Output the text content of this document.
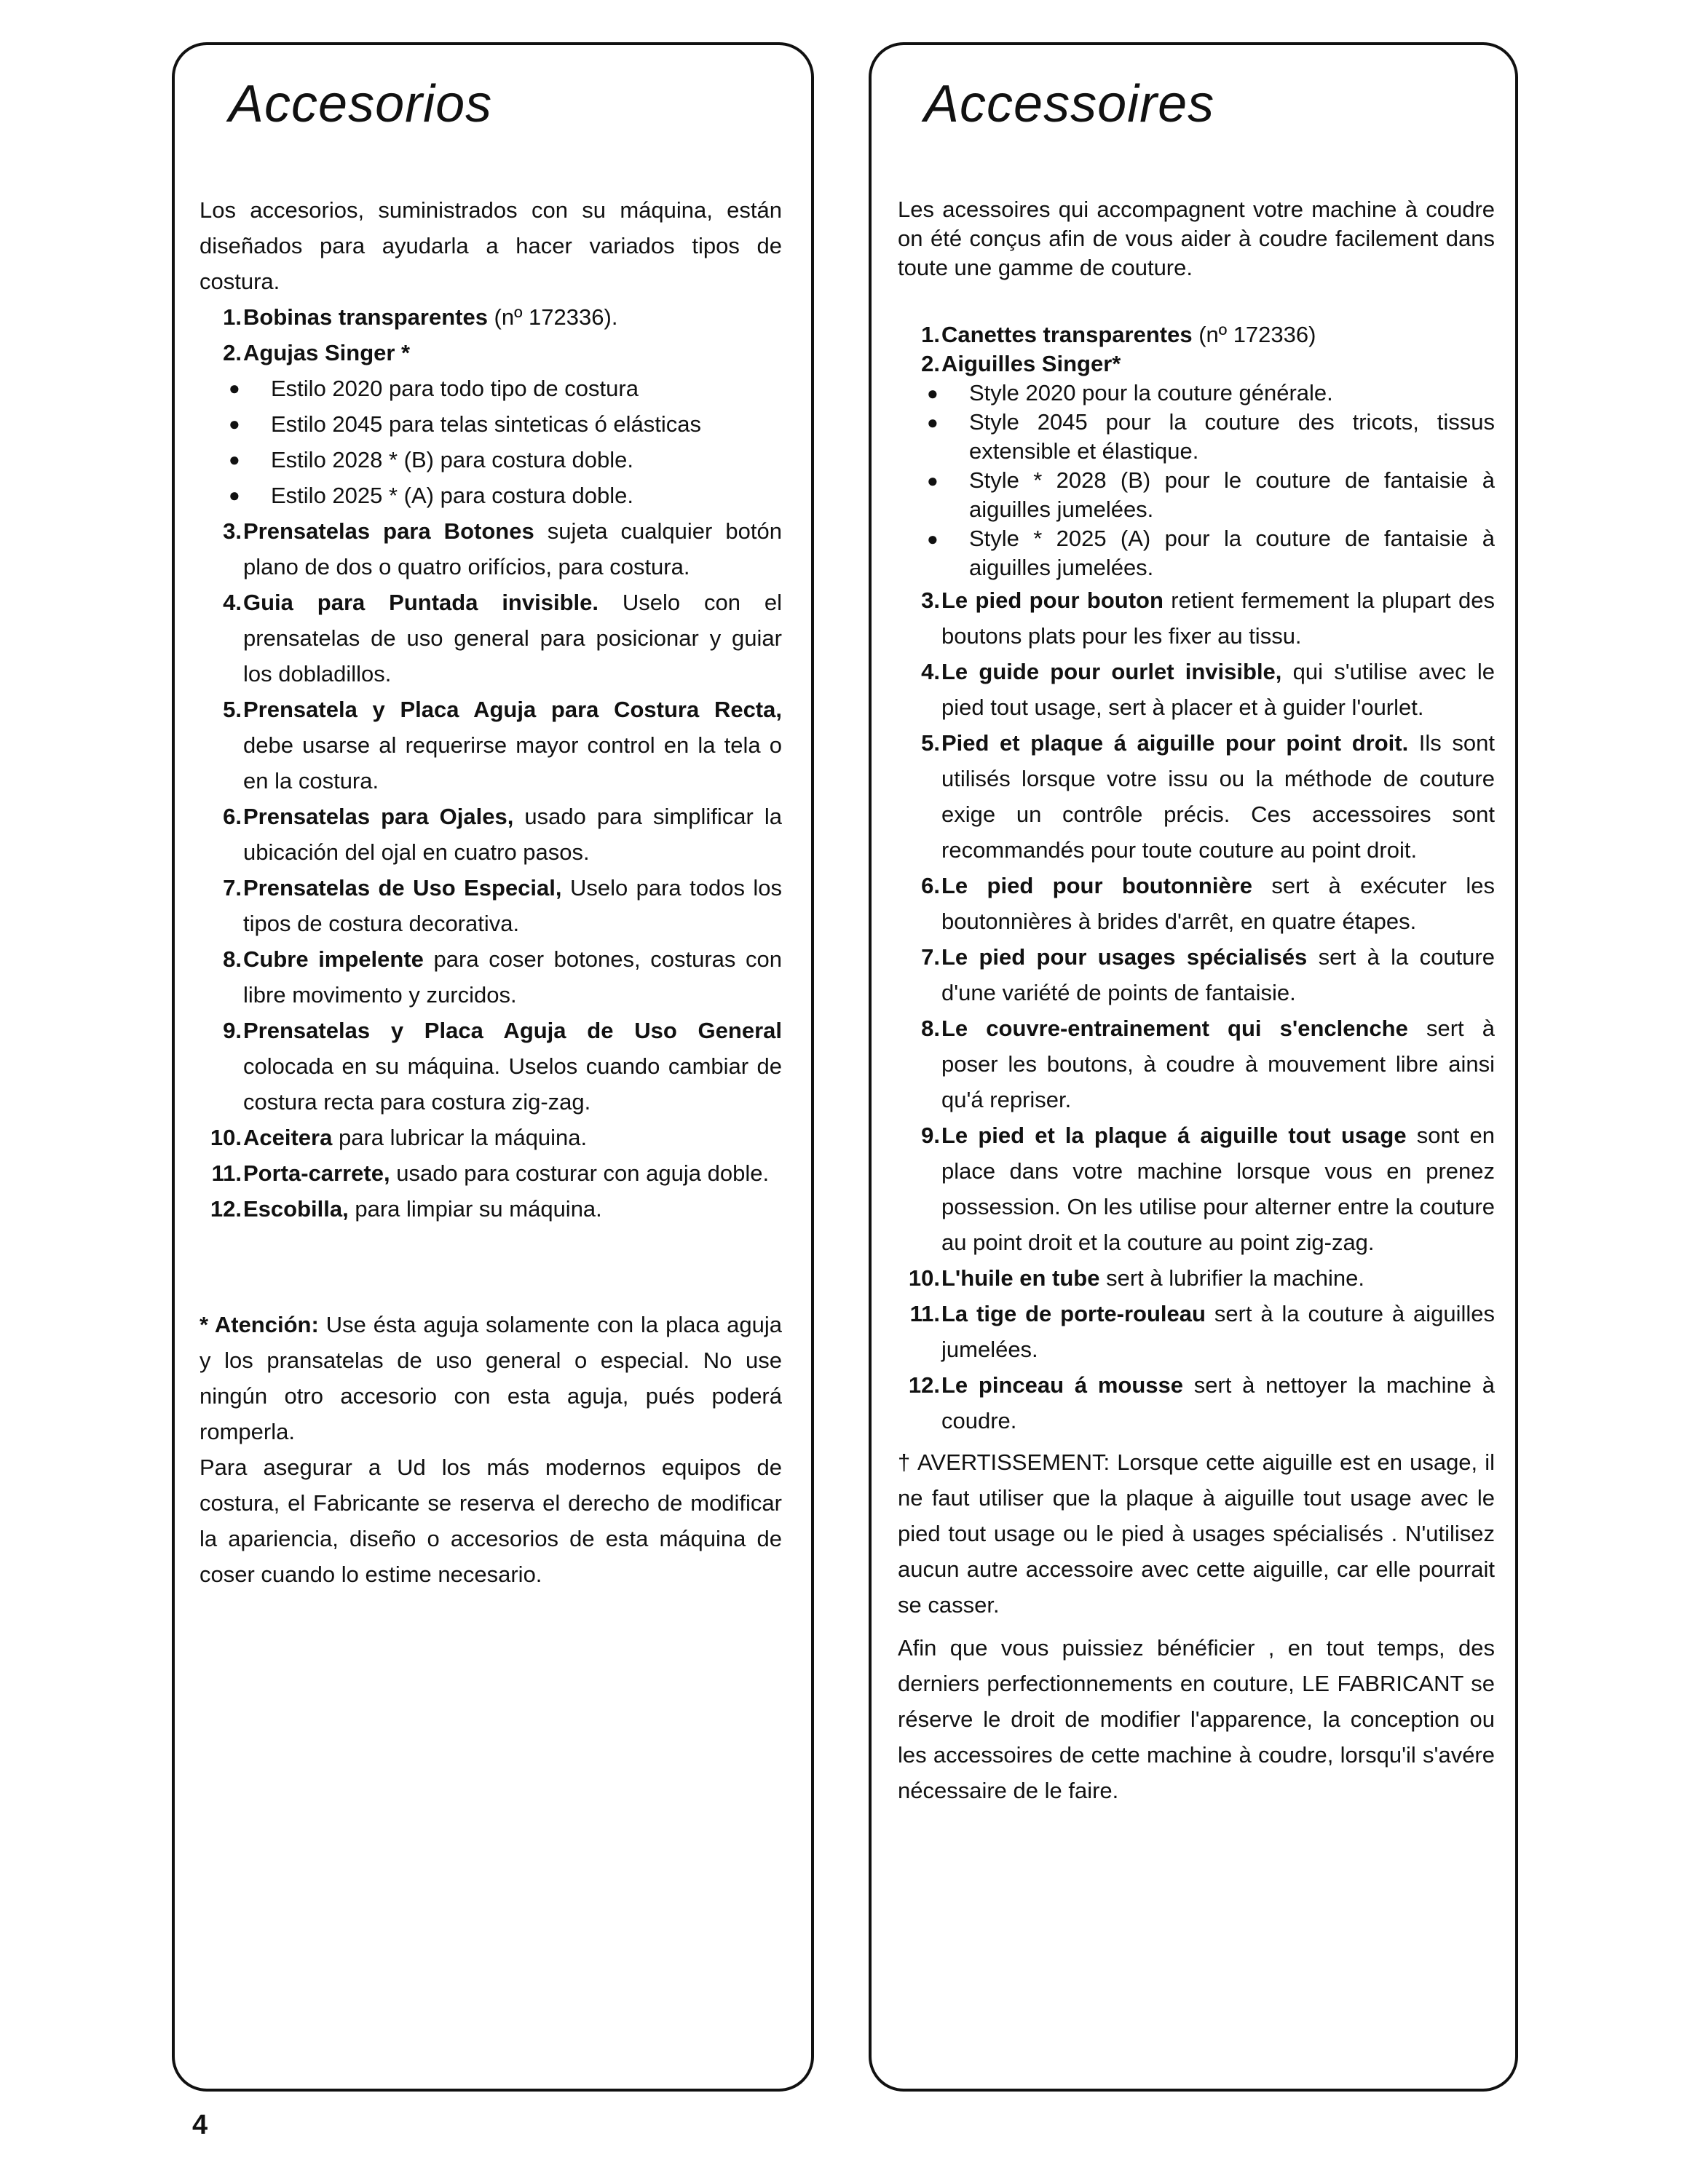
Accesorios

Los accesorios, suministrados con su máquina, están diseñados para ayudarla a hacer variados tipos de costura.

1. Bobinas transparentes (nº 172336).
2. Agujas Singer *
●	Estilo 2020 para todo tipo de costura
●	Estilo 2045 para telas sinteticas ó elásticas
●	Estilo 2028 * (B) para costura doble.
●	Estilo 2025 * (A) para costura doble.
3. Prensatelas para Botones sujeta cualquier botón plano de dos o quatro orifícios, para costura.
4. Guia para Puntada invisible. Uselo con el prensatelas de uso general para posicionar y guiar los dobladillos.
5. Prensatela y Placa Aguja para Costura Recta, debe usarse al requerirse mayor control en la tela o en la costura.
6. Prensatelas para Ojales, usado para simplificar la ubicación del ojal en cuatro pasos.
7. Prensatelas de Uso Especial, Uselo para todos los tipos de costura decorativa.
8. Cubre impelente para coser botones, costuras con libre movimento y zurcidos.
9. Prensatelas y Placa Aguja de Uso General colocada en su máquina. Uselos cuando cambiar de costura recta para costura zig-zag.
10. Aceitera para lubricar la máquina.
11. Porta-carrete, usado para costurar con aguja doble.
12. Escobilla, para limpiar su máquina.

* Atención: Use ésta aguja solamente con la placa aguja y los pransatelas de uso general o especial. No use ningún otro accesorio con esta aguja, pués poderá romperla.

Para asegurar a Ud los más modernos equipos de costura, el Fabricante se reserva el derecho de modificar la apariencia, diseño o accesorios de esta máquina de coser cuando lo estime necesario.

Accessoires

Les acessoires qui accompagnent votre machine à coudre on été conçus afin de vous aider à coudre facilement dans toute une gamme de couture.

1. Canettes transparentes (nº 172336)
2. Aiguilles Singer*
●	Style 2020 pour la couture générale.
●	Style 2045 pour la couture des tricots, tissus extensible et élastique.
●	Style * 2028 (B) pour le couture de fantaisie à aiguilles jumelées.
●	Style * 2025 (A) pour la couture de fantaisie à aiguilles jumelées.
3. Le pied pour bouton retient fermement la plupart des boutons plats pour les fixer au tissu.
4. Le guide pour ourlet invisible, qui s'utilise avec le pied tout usage, sert à placer et à guider l'ourlet.
5. Pied et plaque á aiguille pour point droit. Ils sont utilisés lorsque votre issu ou la méthode de couture exige un contrôle précis. Ces accessoires sont recommandés pour toute couture au point droit.
6. Le pied pour boutonnière sert à exécuter les boutonnières à brides d'arrêt, en quatre étapes.
7. Le pied pour usages spécialisés sert à la couture d'une variété de points de fantaisie.
8. Le couvre-entrainement qui s'enclenche sert à poser les boutons, à coudre à mouvement libre ainsi qu'á repriser.
9. Le pied et la plaque á aiguille tout usage sont en place dans votre machine lorsque vous en prenez possession. On les utilise pour alterner entre la couture au point droit et la couture au point zig-zag.
10. L'huile en tube sert à lubrifier la machine.
11. La tige de porte-rouleau sert à la couture à aiguilles jumelées.
12. Le pinceau á mousse sert à nettoyer la machine à coudre.

† AVERTISSEMENT: Lorsque cette aiguille est en usage, il ne faut utiliser que la plaque à aiguille tout usage avec le pied tout usage ou le pied à usages spécialisés . N'utilisez aucun autre accessoire avec cette aiguille, car elle pourrait se casser.

Afin que vous puissiez bénéficier , en tout temps, des derniers perfectionnements en couture, LE FABRICANT se réserve le droit de modifier l'apparence, la conception ou les accessoires de cette machine à coudre, lorsqu'il s'avére nécessaire de le faire.

4
